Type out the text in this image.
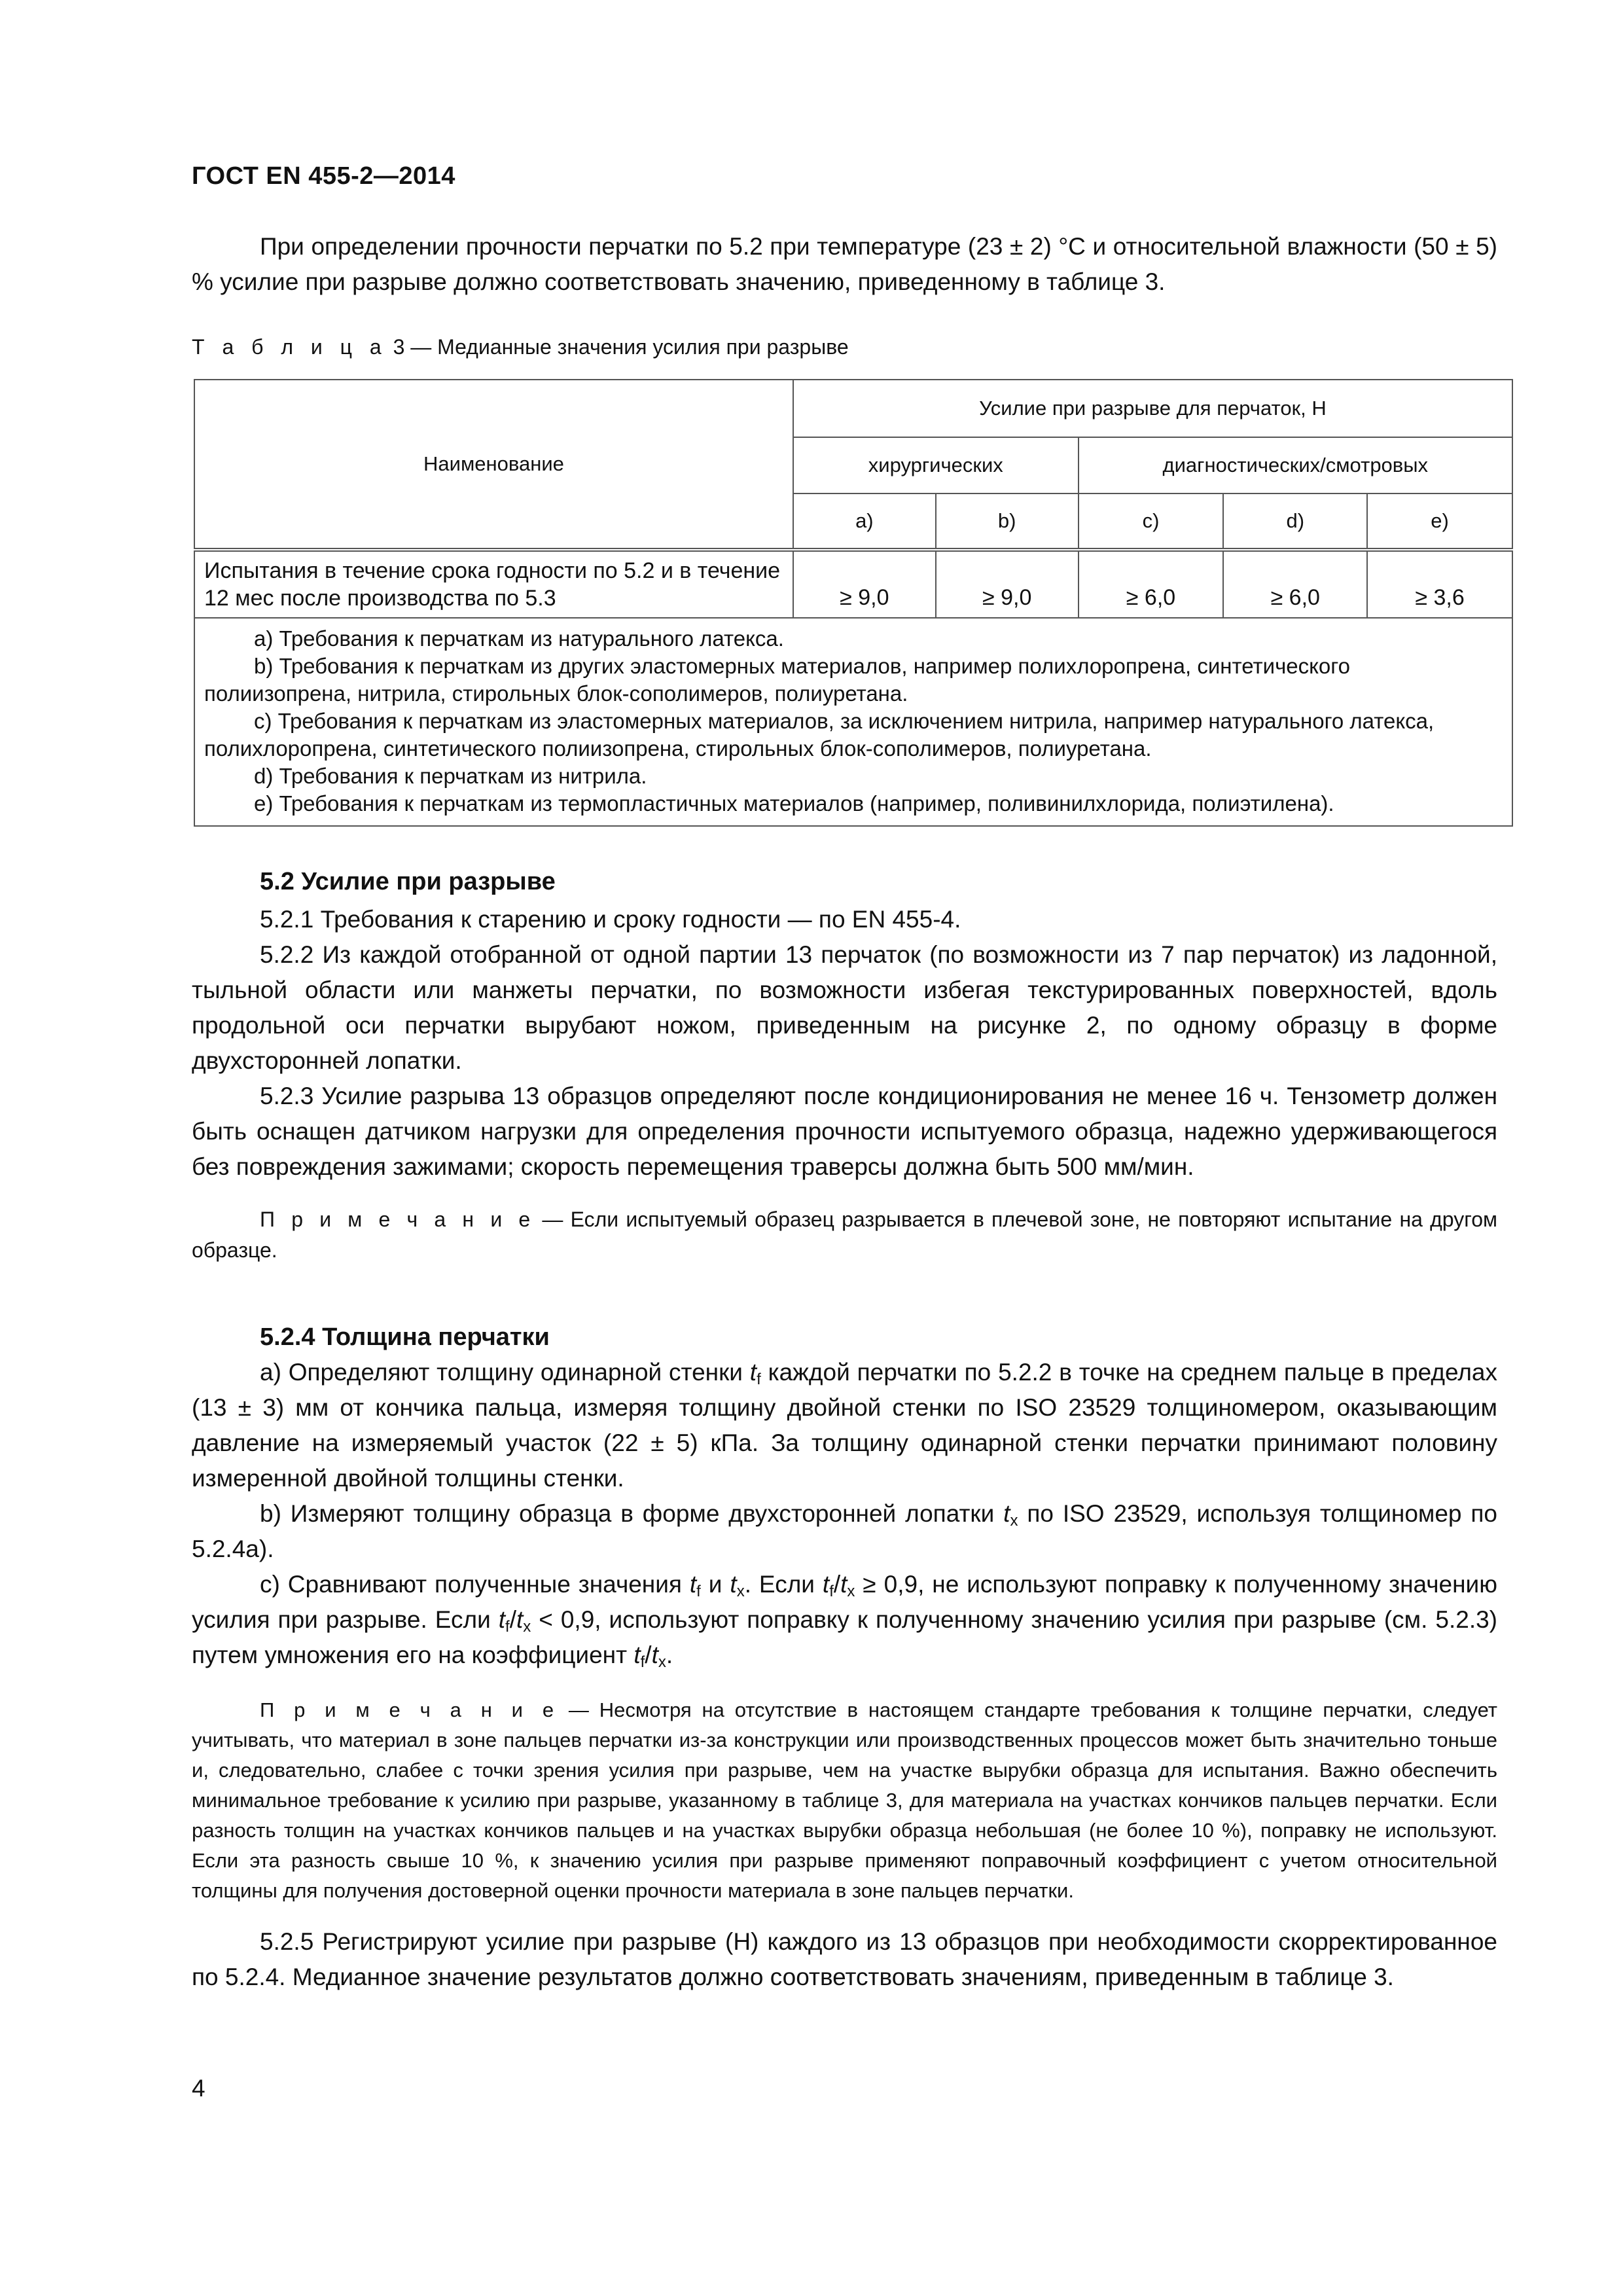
ГОСТ EN 455-2—2014
При определении прочности перчатки по 5.2 при температуре (23 ± 2) °С и относительной влажности (50 ± 5) % усилие при разрыве должно соответствовать значению, приведенному в таблице 3.
Т а б л и ц а 3 — Медианные значения усилия при разрыве
Наименование	Усилие при разрыве для перчаток, Н				
	хирургических		диагностических/смотровых		
	а)	b)	c)	d)	е)
Испытания в течение срока годности по 5.2 и в течение 12 мес после производства по 5.3	≥ 9,0	≥ 9,0	≥ 6,0	≥ 6,0	≥ 3,6

а) Требования к перчаткам из натурального латекса.
b) Требования к перчаткам из других эластомерных материалов, например полихлоропрена, синтетического полиизопрена, нитрила, стирольных блок-сополимеров, полиуретана.
c) Требования к перчаткам из эластомерных материалов, за исключением нитрила, например натурального латекса, полихлоропрена, синтетического полиизопрена, стирольных блок-сополимеров, полиуретана.
d) Требования к перчаткам из нитрила.
е) Требования к перчаткам из термопластичных материалов (например, поливинилхлорида, полиэтилена).					

5.2 Усилие при разрыве

5.2.1 Требования к старению и сроку годности — по EN 455-4.

5.2.2 Из каждой отобранной от одной партии 13 перчаток (по возможности из 7 пар перчаток) из ладонной, тыльной области или манжеты перчатки, по возможности избегая текстурированных поверхностей, вдоль продольной оси перчатки вырубают ножом, приведенным на рисунке 2, по одному образцу в форме двухсторонней лопатки.

5.2.3 Усилие разрыва 13 образцов определяют после кондиционирования не менее 16 ч. Тензометр должен быть оснащен датчиком нагрузки для определения прочности испытуемого образца, надежно удерживающегося без повреждения зажимами; скорость перемещения траверсы должна быть 500 мм/мин.

П р и м е ч а н и е — Если испытуемый образец разрывается в плечевой зоне, не повторяют испытание на другом образце.

5.2.4 Толщина перчатки

а) Определяют толщину одинарной стенки $t_f$ каждой перчатки по 5.2.2 в точке на среднем пальце в пределах (13 ± 3) мм от кончика пальца, измеряя толщину двойной стенки по ISO 23529 толщиномером, оказывающим давление на измеряемый участок (22 ± 5) кПа. За толщину одинарной стенки перчатки принимают половину измеренной двойной толщины стенки.

b) Измеряют толщину образца в форме двухсторонней лопатки $t_x$ по ISO 23529, используя толщиномер по 5.2.4а).

c) Сравнивают полученные значения $t_f$ и $t_x$. Если $t_f/t_x \ge 0,9$, не используют поправку к полученному значению усилия при разрыве. Если $t_f/t_x < 0,9$, используют поправку к полученному значению усилия при разрыве (см. 5.2.3) путем умножения его на коэффициент $t_f/t_x$.

П р и м е ч а н и е — Несмотря на отсутствие в настоящем стандарте требования к толщине перчатки, следует учитывать, что материал в зоне пальцев перчатки из-за конструкции или производственных процессов может быть значительно тоньше и, следовательно, слабее с точки зрения усилия при разрыве, чем на участке вырубки образца для испытания. Важно обеспечить минимальное требование к усилию при разрыве, указанному в таблице 3, для материала на участках кончиков пальцев перчатки. Если разность толщин на участках кончиков пальцев и на участках вырубки образца небольшая (не более 10 %), поправку не используют. Если эта разность свыше 10 %, к значению усилия при разрыве применяют поправочный коэффициент с учетом относительной толщины для получения достоверной оценки прочности материала в зоне пальцев перчатки.

5.2.5 Регистрируют усилие при разрыве (Н) каждого из 13 образцов при необходимости скорректированное по 5.2.4. Медианное значение результатов должно соответствовать значениям, приведенным в таблице 3.

4
